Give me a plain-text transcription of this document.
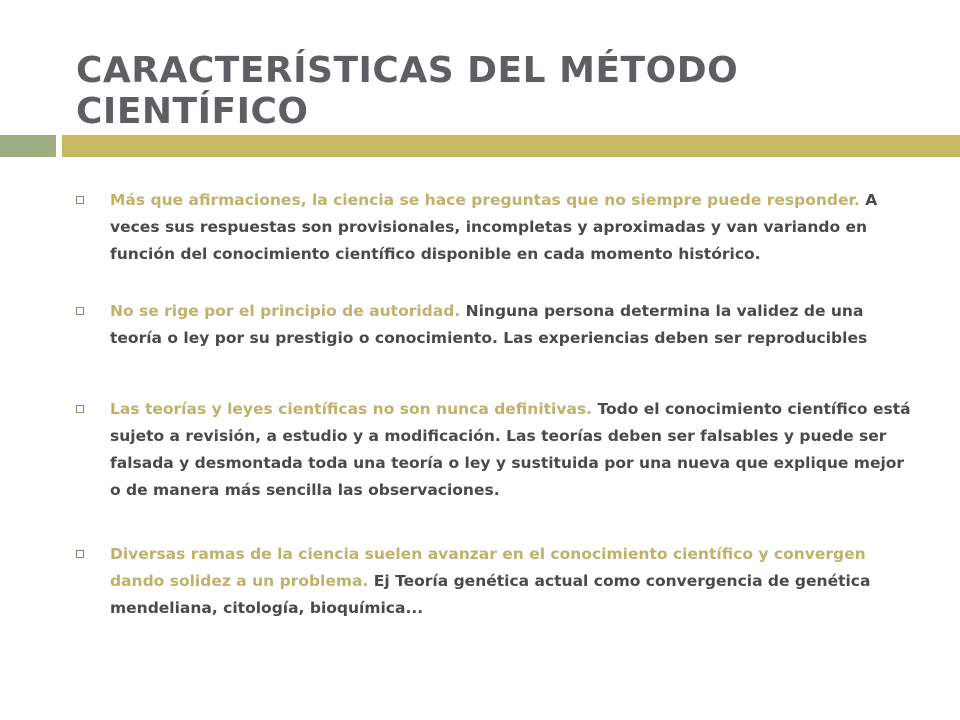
CARACTERÍSTICAS DEL MÉTODO CIENTÍFICO
Más que afirmaciones, la ciencia se hace preguntas que no siempre puede responder. A veces sus respuestas son provisionales, incompletas y aproximadas y van variando en función del conocimiento científico disponible en cada momento histórico.
No se rige por el principio de autoridad. Ninguna persona determina la validez de una teoría o ley por su prestigio o conocimiento. Las experiencias deben ser reproducibles
Las teorías y leyes científicas no son nunca definitivas. Todo el conocimiento científico está sujeto a revisión, a estudio y a modificación. Las teorías deben ser falsables y puede ser falsada y desmontada toda una teoría o ley y sustituida por una nueva que explique mejor o de manera más sencilla las observaciones.
Diversas ramas de la ciencia suelen avanzar en el conocimiento científico y convergen dando solidez a un problema. Ej Teoría genética actual como convergencia de genética mendeliana, citología, bioquímica...
